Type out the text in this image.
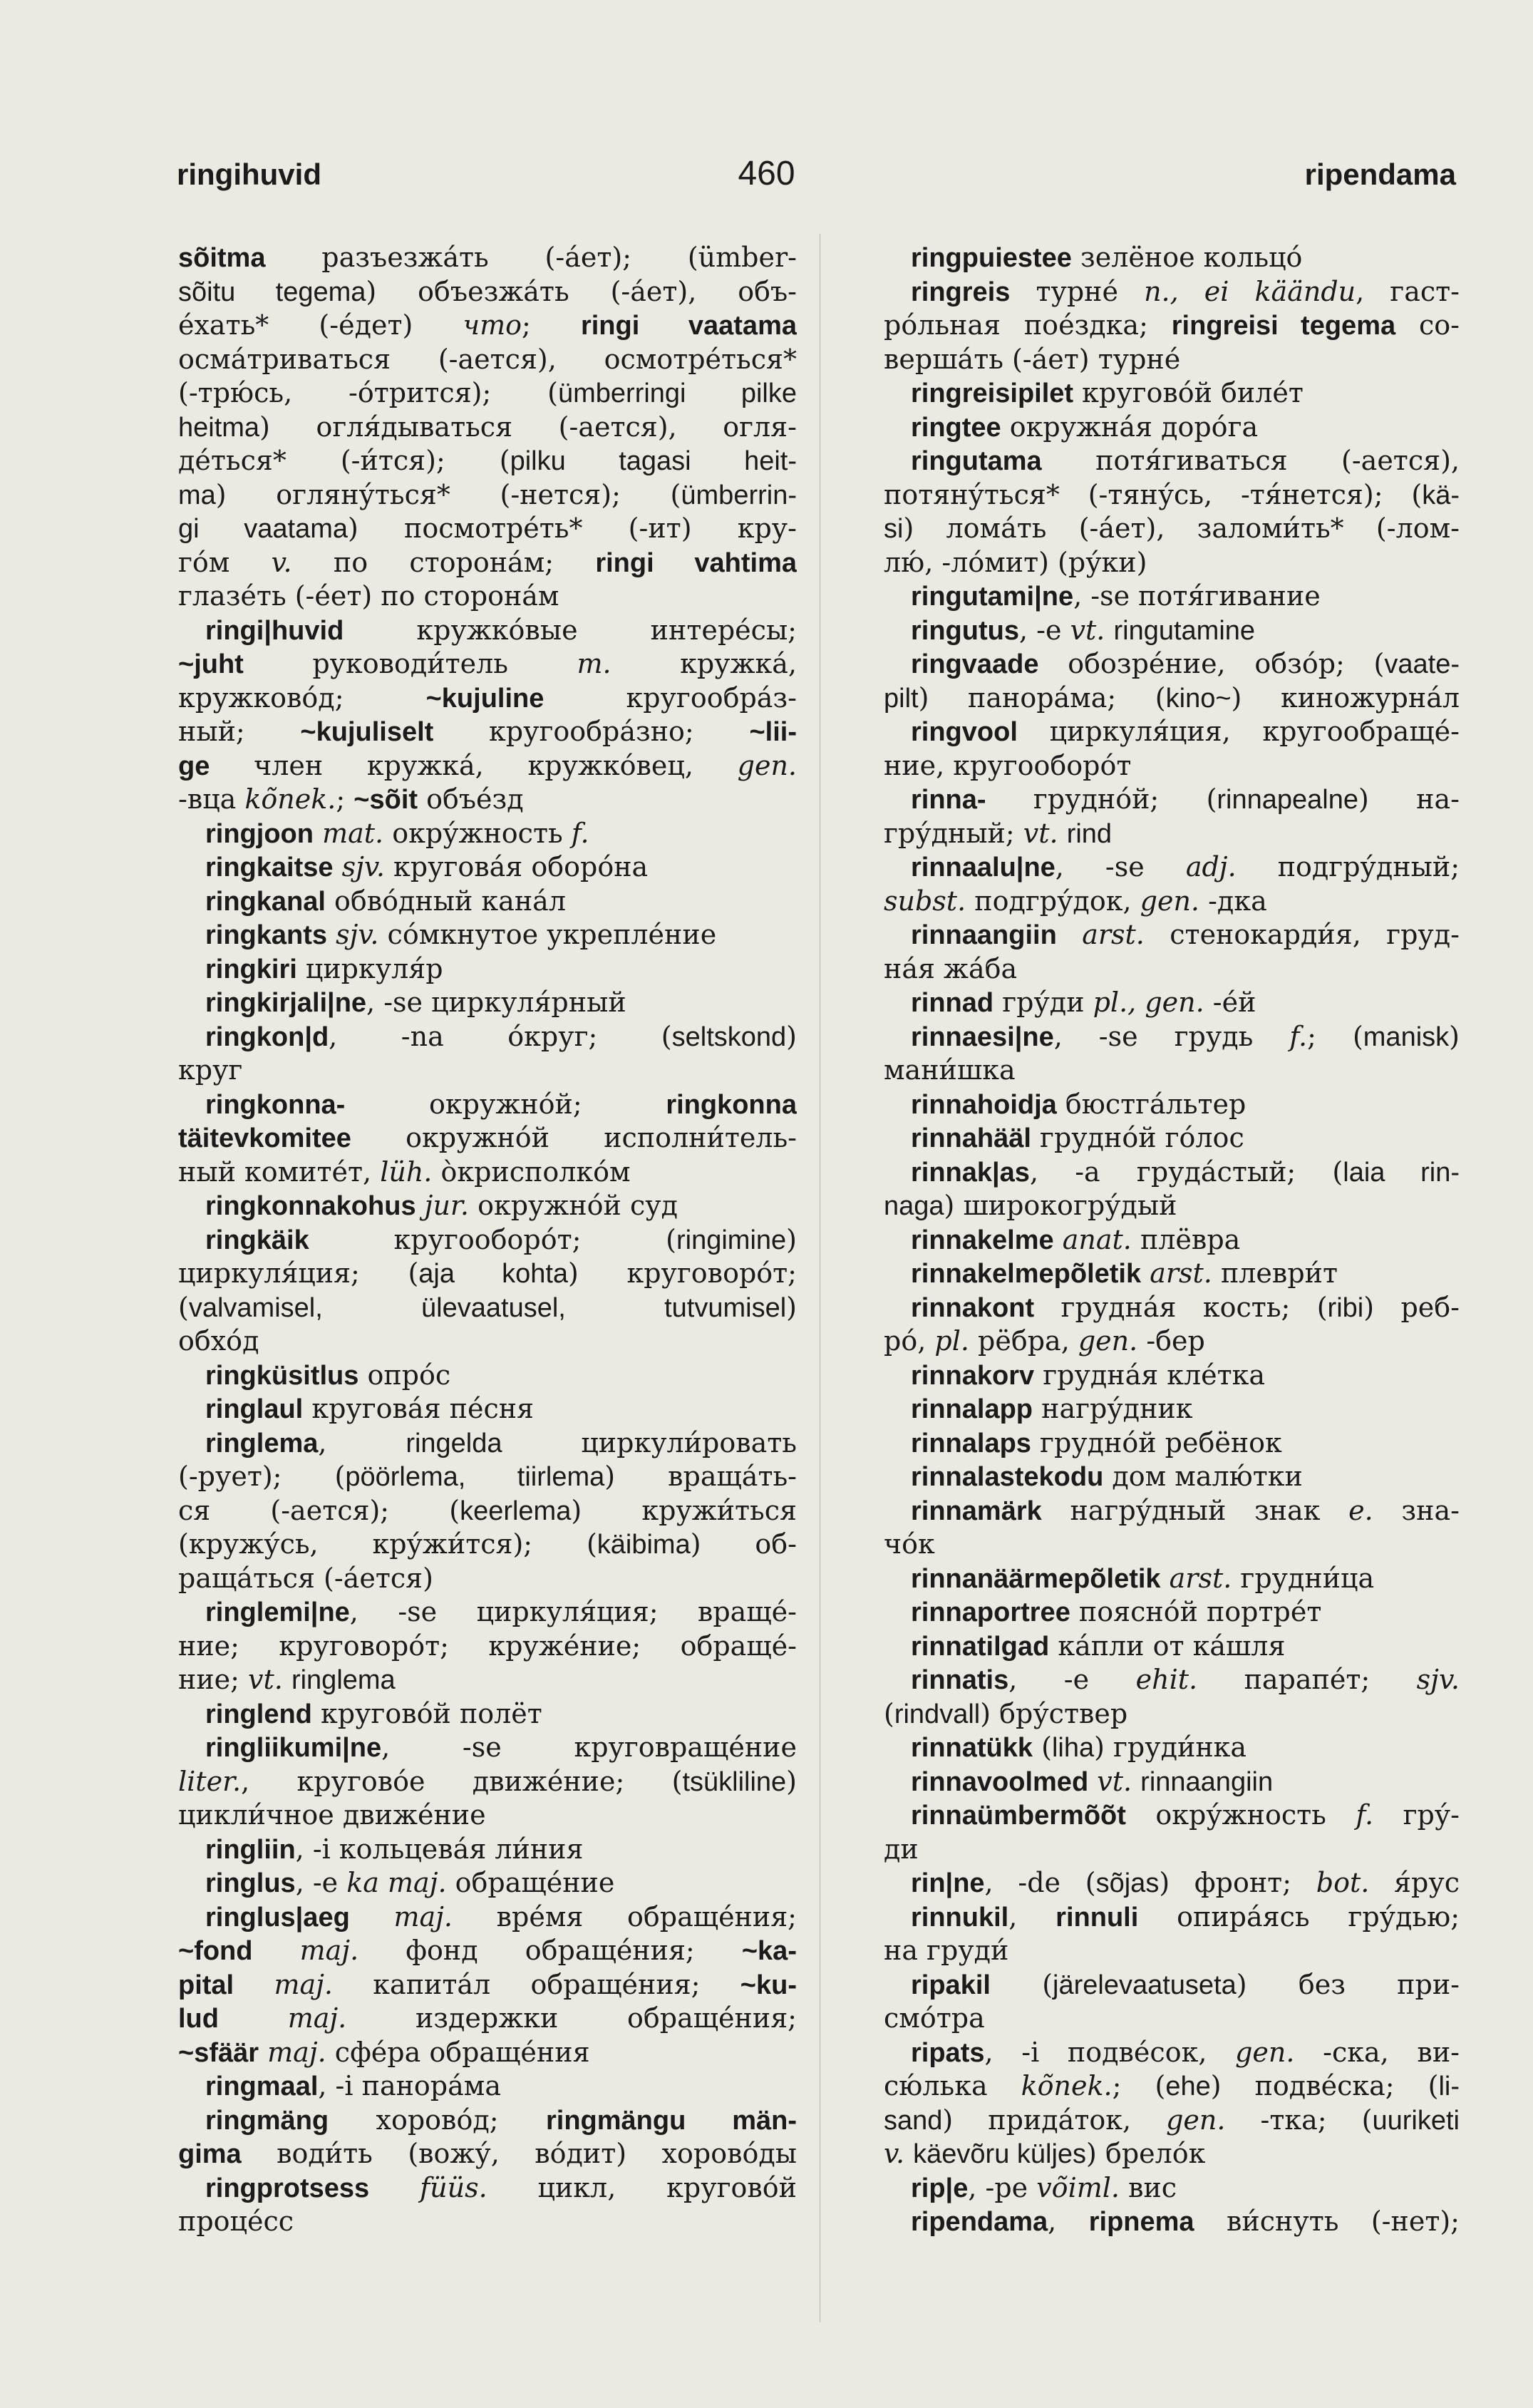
ringihuvid	460	ripendama
sõitma разъезжа́ть (-а́ет); (ümber-
sõitu tegema) объезжа́ть (-а́ет), объ-
е́хать* (-е́дет) что; ringi vaatama
осма́триваться (-ается), осмотре́ться*
(-трю́сь, -о́трится); (ümberringi pilke
heitma) огля́дываться (-ается), огля-
де́ться* (-и́тся); (pilku tagasi heit-
ma) огляну́ться* (-нется); (ümberrin-
gi vaatama) посмотре́ть* (-ит) кру-
го́м v. по сторона́м; ringi vahtima
глазе́ть (-е́ет) по сторона́м
ringi|huvid кружко́вые интере́сы;
~juht руководи́тель m. кружка́,
кружково́д; ~kujuline кругообра́з-
ный; ~kujuliselt кругообра́зно; ~lii-
ge член кружка́, кружко́вец, gen.
-вца kõnek.; ~sõit объе́зд
ringjoon mat. окру́жность f.
ringkaitse sjv. кругова́я оборо́на
ringkanal обво́дный кана́л
ringkants sjv. со́мкнутое укрепле́ние
ringkiri циркуля́р
ringkirjali|ne, -se циркуля́рный
ringkon|d, -na о́круг; (seltskond)
круг
ringkonna- окружно́й; ringkonna
täitevkomitee окружно́й исполни́тель-
ный комите́т, lüh. о̀крисполко́м
ringkonnakohus jur. окружно́й суд
ringkäik кругооборо́т; (ringimine)
циркуля́ция; (aja kohta) круговоро́т;
(valvamisel, ülevaatusel, tutvumisel)
обхо́д
ringküsitlus опро́с
ringlaul кругова́я пе́сня
ringlema, ringelda циркули́ровать
(-рует); (pöörlema, tiirlema) враща́ть-
ся (-ается); (keerlema) кружи́ться
(кружу́сь, кру́жи́тся); (käibima) об-
раща́ться (-а́ется)
ringlemi|ne, -se циркуля́ция; враще́-
ние; круговоро́т; круже́ние; обраще́-
ние; vt. ringlema
ringlend кругово́й полёт
ringliikumi|ne, -se круговраще́ние
liter., кругово́е движе́ние; (tsükliline)
цикли́чное движе́ние
ringliin, -i кольцева́я ли́ния
ringlus, -e ka maj. обраще́ние
ringlus|aeg maj. вре́мя обраще́ния;
~fond maj. фонд обраще́ния; ~ka-
pital maj. капита́л обраще́ния; ~ku-
lud	maj. издержки обраще́ния;
~sfäär maj. сфе́ра обраще́ния
ringmaal, -i панора́ма
ringmäng хорово́д; ringmängu män-
gima води́ть (вожу́, во́дит) хорово́ды
ringprotsess füüs. цикл, кругово́й
проце́сс
ringpuiestee зелёное кольцо́
ringreis турне́ n., ei käändu, гаст-
ро́льная пое́здка; ringreisi tegema со-
верша́ть (-а́ет) турне́
ringreisipilet кругово́й биле́т
ringtee окружна́я доро́га
ringutama потя́гиваться (-ается),
потяну́ться* (-тяну́сь, -тя́нется); (kä-
si) лома́ть (-а́ет), заломи́ть* (-лом-
лю́, -ло́мит) (ру́ки)
ringutami|ne, -se потя́гивание
ringutus, -e vt. ringutamine
ringvaade обозре́ние, обзо́р; (vaate-
pilt) панора́ма; (kino~) киножурна́л
ringvool циркуля́ция, кругообраще́-
ние, кругооборо́т
rinna- грудно́й; (rinnapealne) на-
гру́дный; vt. rind
rinnaalu|ne, -se adj. подгру́дный;
subst. подгру́док, gen. -дка
rinnaangiin arst. стенокарди́я, груд-
на́я жа́ба
rinnad гру́ди pl., gen. -е́й
rinnaesi|ne, -se грудь f.; (manisk)
мани́шка
rinnahoidja бюстга́льтер
rinnahääl грудно́й го́лос
rinnak|as, -a груда́стый; (laia rin-
naga) широкогру́дый
rinnakelme anat. плёвра
rinnakelmepõletik arst. плеври́т
rinnakont грудна́я кость; (ribi) реб-
ро́, pl. рёбра, gen. -бер
rinnakorv грудна́я кле́тка
rinnalapp нагру́дник
rinnalaps грудно́й ребёнок
rinnalastekodu дом малю́тки
rinnamärk нагру́дный знак e. зна-
чо́к
rinnanäärmepõletik arst. грудни́ца
rinnaportree поясно́й портре́т
rinnatilgad ка́пли от ка́шля
rinnatis, -e ehit. парапе́т; sjv.
(rindvall) бру́ствер
rinnatükk (liha) груди́нка
rinnavoolmed vt. rinnaangiin
rinnaümbermõõt окру́жность f. гру́-
ди
rin|ne, -de (sõjas) фронт; bot. я́рус
rinnukil, rinnuli опира́ясь гру́дью;
на груди́
ripakil (järelevaatuseta) без при-
смо́тра
ripats, -i подве́сок, gen. -ска, ви-
сю́лька kõnek.; (ehe) подве́ска; (li-
sand) прида́ток, gen. -тка; (uuriketi
v. käevõru küljes) брело́к
rip|e, -pe võiml. вис
ripendama, ripnema ви́снуть (-нет);
